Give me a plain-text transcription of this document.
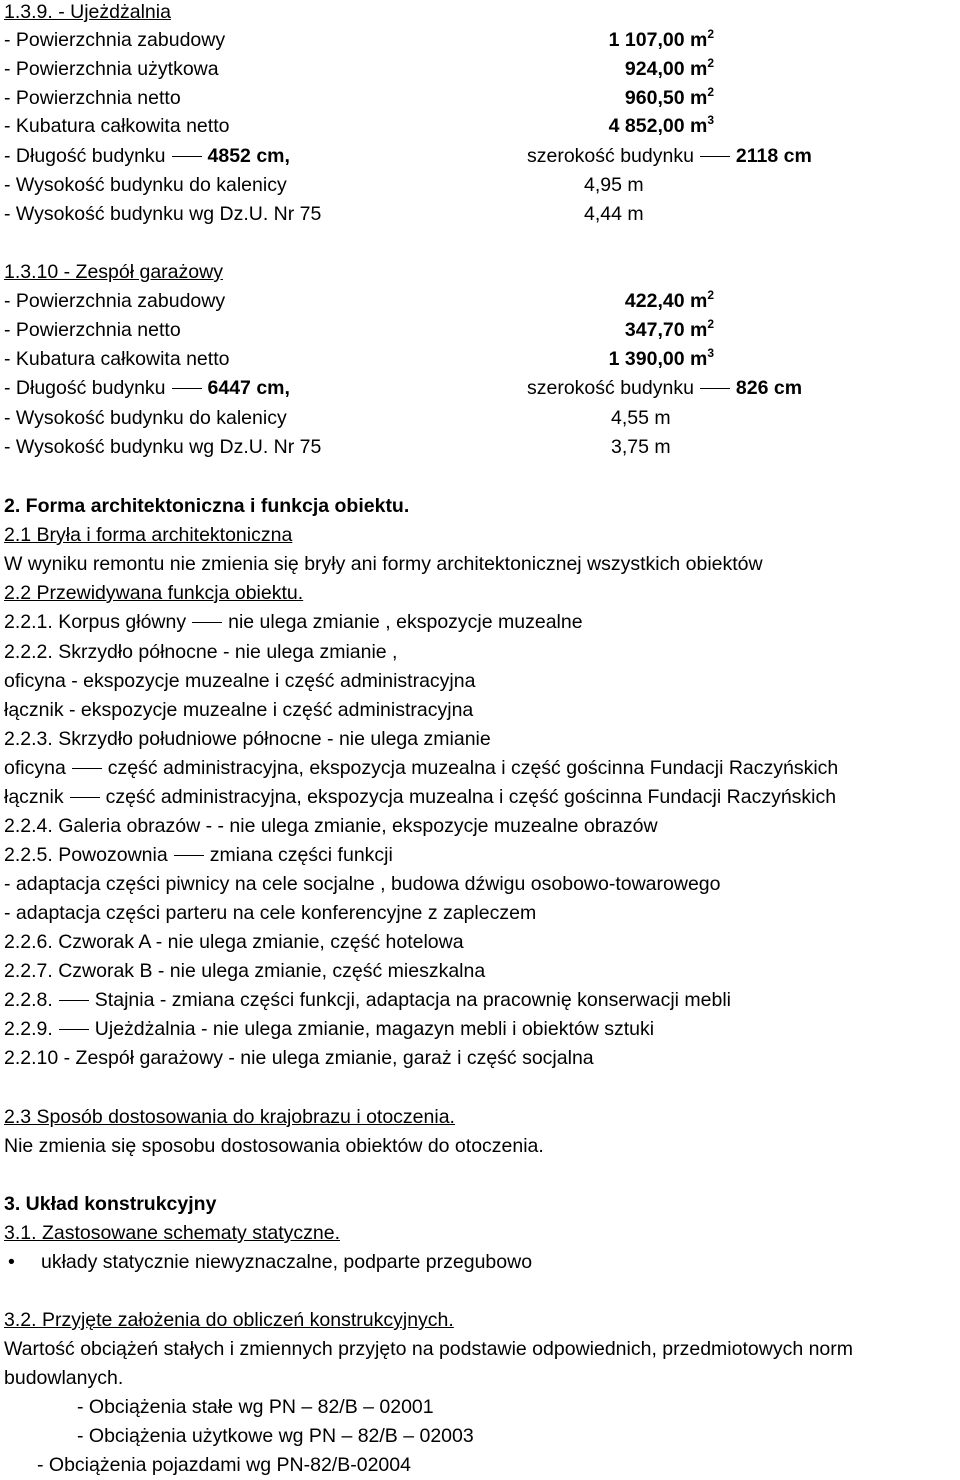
1.3.9. - Ujeżdżalnia
- Powierzchnia zabudowy	1 107,00 $m^2$
- Powierzchnia użytkowa	924,00 $m^2$
- Powierzchnia netto	960,50 $m^2$
- Kubatura całkowita netto	4 852,00 $m^3$
- Długość budynku 4852 cm,	szerokość budynku 2118 cm
- Wysokość budynku do kalenicy	4,95 m
- Wysokość budynku wg Dz.U. Nr 75	4,44 m
1.3.10 - Zespół garażowy
- Powierzchnia zabudowy	422,40 $m^2$
- Powierzchnia netto	347,70 $m^2$
- Kubatura całkowita netto	1 390,00 $m^3$
- Długość budynku 6447 cm,	szerokość budynku 826 cm
- Wysokość budynku do kalenicy	4,55 m
- Wysokość budynku wg Dz.U. Nr 75	3,75 m
2. Forma architektoniczna i funkcja obiektu.
2.1 Bryła i forma architektoniczna
W wyniku remontu nie zmienia się bryły ani formy architektonicznej wszystkich obiektów
2.2 Przewidywana funkcja obiektu.
2.2.1. Korpus główny nie ulega zmianie , ekspozycje muzealne
2.2.2. Skrzydło północne - nie ulega zmianie ,
oficyna - ekspozycje muzealne i część administracyjna
łącznik - ekspozycje muzealne i część administracyjna
2.2.3. Skrzydło południowe północne - nie ulega zmianie
oficyna część administracyjna, ekspozycja muzealna i część gościnna Fundacji Raczyńskich
łącznik część administracyjna, ekspozycja muzealna i część gościnna Fundacji Raczyńskich
2.2.4. Galeria obrazów - - nie ulega zmianie, ekspozycje muzealne obrazów
2.2.5. Powozownia zmiana części funkcji
- adaptacja części piwnicy na cele socjalne , budowa dźwigu osobowo-towarowego
- adaptacja części parteru na cele konferencyjne z zapleczem
2.2.6. Czworak A - nie ulega zmianie, część hotelowa
2.2.7. Czworak B - nie ulega zmianie, część mieszkalna
2.2.8. Stajnia - zmiana części funkcji, adaptacja na pracownię konserwacji mebli
2.2.9. Ujeżdżalnia - nie ulega zmianie, magazyn mebli i obiektów sztuki
2.2.10 - Zespół garażowy - nie ulega zmianie, garaż i część socjalna
2.3 Sposób dostosowania do krajobrazu i otoczenia.
Nie zmienia się sposobu dostosowania obiektów do otoczenia.
3. Układ konstrukcyjny
3.1. Zastosowane schematy statyczne.
• układy statycznie niewyznaczalne, podparte przegubowo
3.2. Przyjęte założenia do obliczeń konstrukcyjnych.
Wartość obciążeń stałych i zmiennych przyjęto na podstawie odpowiednich, przedmiotowych norm
budowlanych.
- Obciążenia stałe wg PN – 82/B – 02001
- Obciążenia użytkowe wg PN – 82/B – 02003
- Obciążenia pojazdami wg PN-82/B-02004
